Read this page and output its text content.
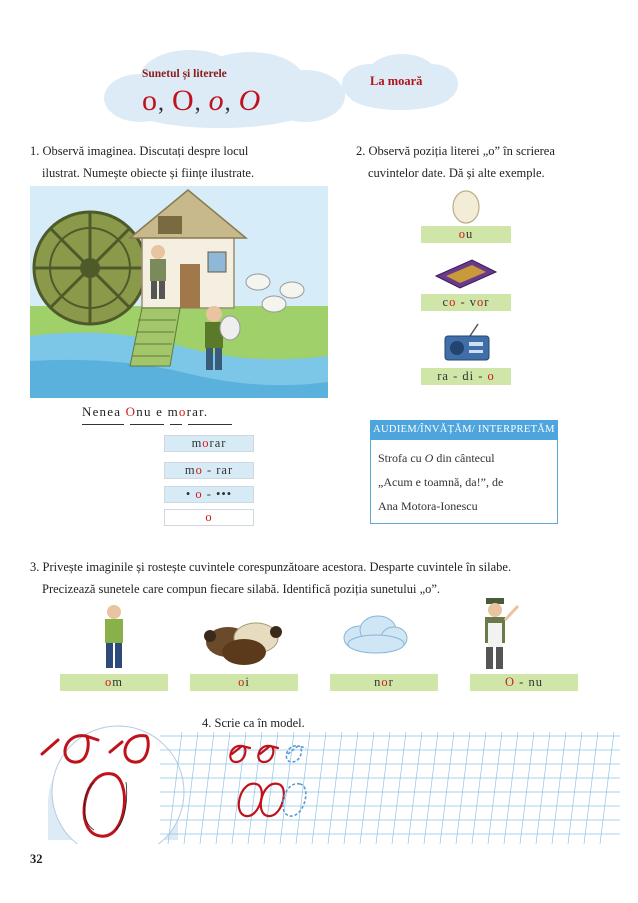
Sunetul și literele
o, O, o, O
La moară
1. Observă imaginea. Discutați despre locul
ilustrat. Numește obiecte și ființe ilustrate.
Nenea Onu e morar.
morar
mo - rar
• o - •••
o
2. Observă poziția literei „o” în scrierea
cuvintelor date. Dă și alte exemple.
ou
co - vor
ra - di - o
AUDIEM/ÎNVĂȚĂM/ INTERPRETĂM
Strofa cu O din cântecul
„Acum e toamnă, da!”, de
Ana Motora-Ionescu
3. Privește imaginile și rostește cuvintele corespunzătoare acestora. Desparte cuvintele în silabe.
Precizează sunetele care compun fiecare silabă. Identifică poziția sunetului „o”.
om	oi	nor	O - nu
4. Scrie ca în model.
32
